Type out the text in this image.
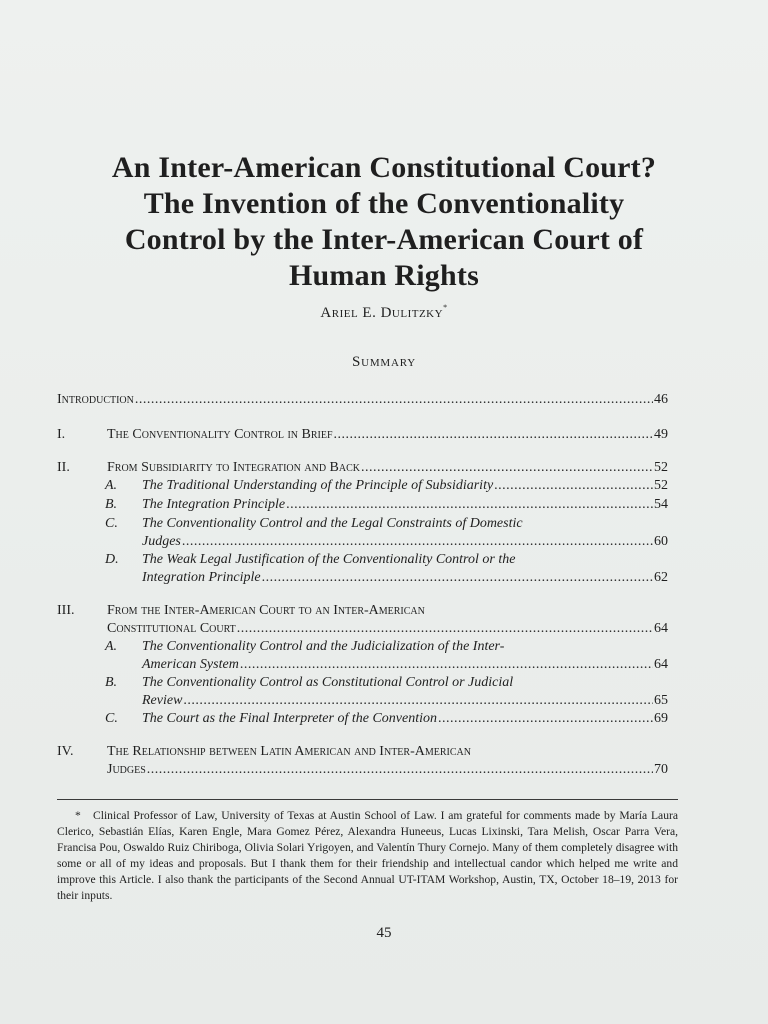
An Inter-American Constitutional Court?
The Invention of the Conventionality
Control by the Inter-American Court of
Human Rights
Ariel E. Dulitzky*
Summary
Introduction .....	46
I.	The Conventionality Control in Brief .....	49
II.	From Subsidiarity to Integration and Back .....	52
A. The Traditional Understanding of the Principle of Subsidiarity .....	52
B. The Integration Principle .....	54
C. The Conventionality Control and the Legal Constraints of Domestic
Judges .....	60
D. The Weak Legal Justification of the Conventionality Control or the
Integration Principle .....	62
III. From the Inter-American Court to an Inter-American
Constitutional Court .....	64
A. The Conventionality Control and the Judicialization of the Inter-
American System .....	64
B. The Conventionality Control as Constitutional Control or Judicial
Review .....	65
C. The Court as the Final Interpreter of the Convention .....	69
IV. The Relationship between Latin American and Inter-American
Judges .....	70
* Clinical Professor of Law, University of Texas at Austin School of Law. I am grateful for comments made by María Laura Clerico, Sebastián Elías, Karen Engle, Mara Gomez Pérez, Alexandra Huneeus, Lucas Lixinski, Tara Melish, Oscar Parra Vera, Francisa Pou, Oswaldo Ruiz Chiriboga, Olivia Solari Yrigoyen, and Valentín Thury Cornejo. Many of them completely disagree with some or all of my ideas and proposals. But I thank them for their friendship and intellectual candor which helped me write and improve this Article. I also thank the participants of the Second Annual UT-ITAM Workshop, Austin, TX, October 18–19, 2013 for their inputs.
45
